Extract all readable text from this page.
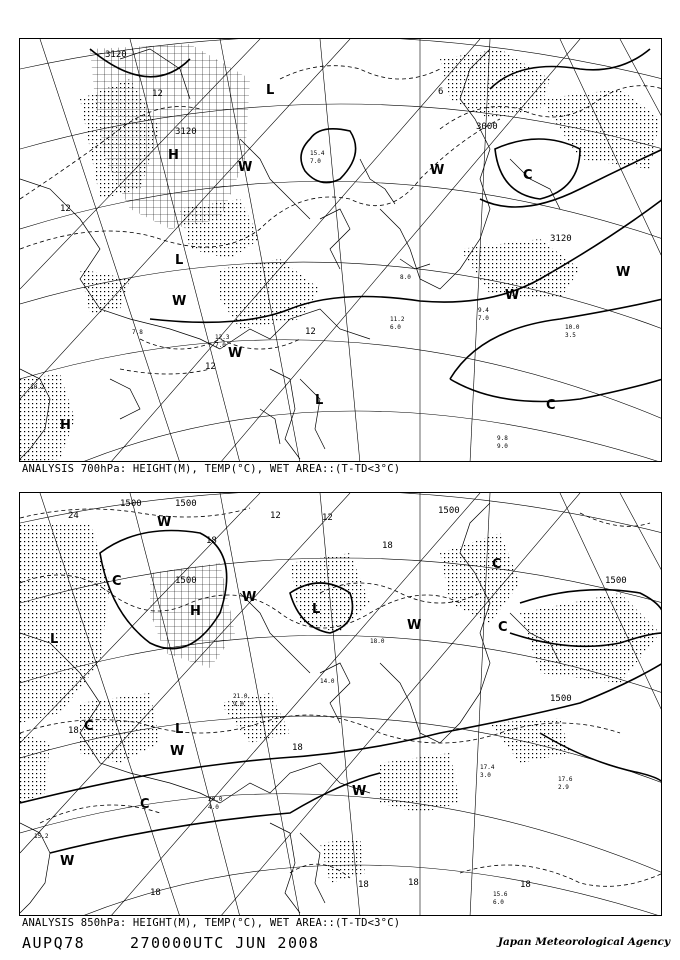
3120
3120	3000
3120
12
12
6
12
12
L
H
W
C
W
W
W
C
L
H
W
L
W
10.2
7.8
9.8
9.0
10.0
3.5
11.2
6.0
15.4
7.0
12.3
7.0
9.4
7.0
8.0
ANALYSIS 700hPa: HEIGHT(M), TEMP(°C), WET AREA::(T-TD<3°C)
1500	1500
1500
1500
1500
1500
24
18
12	12
18
18
18
18
18	18	18
W
H
C
L
W
C
C
L
W
L
C
W
C
W
W
15.6
6.0
17.6
2.9
17.4
3.0
20.0
4.0
18.0
14.0
21.0
9.0
15.2
ANALYSIS 850hPa: HEIGHT(M), TEMP(°C), WET AREA::(T-TD<3°C)
AUPQ78	270000UTC JUN 2008	Japan Meteorological Agency
